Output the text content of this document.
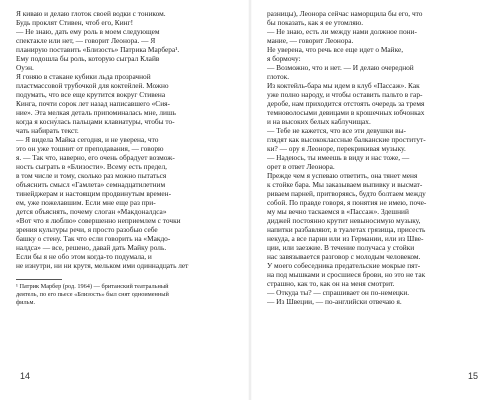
Я киваю и делаю глоток своей водки с тоником.
Будь проклят Стивен, чтоб его, Кинг!
— Не знаю, дать ему роль в моем следующем
спектакле или нет, — говорит Леонора. — Я
планирую поставить «Близость» Патрика Марбера¹.
Ему подошла бы роль, которую сыграл Клайв
Оуэн.
Я гоняю в стакане кубики льда прозрачной
пластмассовой трубочкой для коктейлей. Можно
подумать, что все еще крутится вокруг Стивена
Кинга, почти сорок лет назад написавшего «Сия-
ние». Эта мелкая деталь припоминалась мне, лишь
когда я косну́лась пальцами клавиатуры, чтобы то-
чать набирать текст.
— Я видела Майка сегодня, и не уверена, что
это он уже тошнит от преподавания, — говорю
я. — Так что, наверно, его очень обрадует возмож-
ность сыграть в «Близости». Всему есть предел,
в том числе и тому, сколько раз можно пытаться
объяснить смысл «Гамлета» семнадцатилетним
тинейджерам и настоящим продвинутым времен-
ем, уже пожелавшим. Если мне еще раз при-
дется объяснять, почему слоган «Макдоналдса»
«Вот что я люблю» совершенно неприемлем с точки
зрения культуры речи, я просто разобью себе
башку о стену. Так что если говорить на «Макдо-
налдса» — все, решено, давай дать Майку роль.
Если бы я не обо этом когда-то подумала, и
не изнутри, ни ни крутя, мельком ими одиннадцать лет
¹ Патрик Марбер (род. 1964) — британский театральный
деятель, по его пьесе «Близость» был снят одноименный
фильм.
разницы), Леонора сейчас наморщила бы его, что
бы показать, как я ее утомляю.
— Не знаю, есть ли между нами должное пони-
мание, — говорит Леонора.
Не уверена, что речь все еще идет о Майке,
я бормочу:
— Возможно, что и нет. — И делаю очередной
глоток.
Из коктейль-бара мы идем в клуб «Пассаж». Как
уже полно народу, и чтобы оставить пальто в гар-
деробе, нам приходится отстоять очередь за тремя
темноволосыми девицами в крошечных юбчонках
и на высоких белых каблучищах.
— Тебе не кажется, что все эти девушки вы-
глядят как высококлассные балканские проститут-
ки? — ору я Леоноре, перекрикивая музыку.
— Надеюсь, ты имеешь в виду и нас тоже, —
орет в ответ Леонора.
Прежде чем я успеваю ответить, она тянет меня
к стойке бара. Мы заказываем выпивку и высмат-
риваем парней, притворяясь, будто болтаем между
собой. По правде говоря, я понятия не имею, поче-
му мы вечно таскаемся в «Пассаж». Здешний
диджей постоянно крутит невыносимую музыку,
напитки разбавляют, в туалетах грязища, присесть
некуда, а все парни или из Германии, или из Шве-
ции, или заезжие. В течение получаса у стойки
нас завязывается разговор с молодым человеком.
У моего собеседника предательские мокрые пят-
на под мышками и сросшиеся брови, но это не так
страшно, как то, как он на меня смотрит.
— Откуда ты? — спрашивает он по-немецки.
— Из Швеции, — по-английски отвечаю я.
14	15
